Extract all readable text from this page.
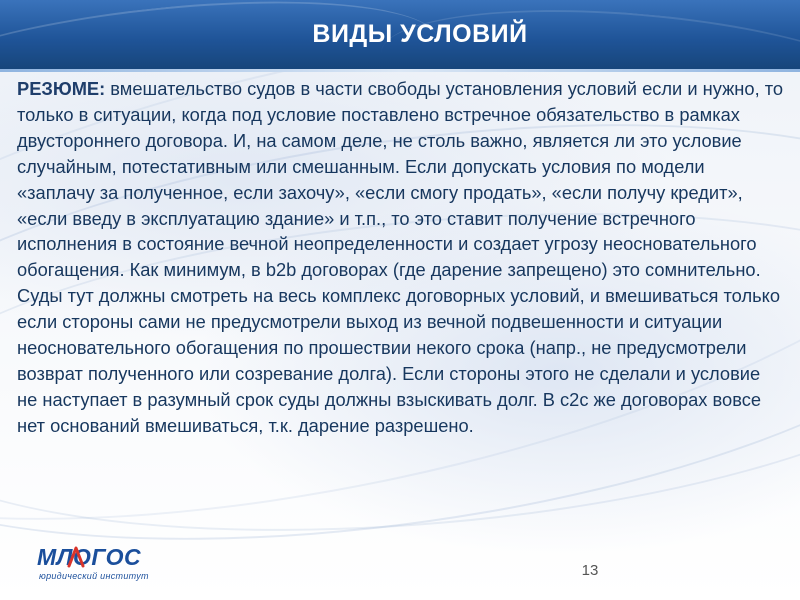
ВИДЫ УСЛОВИЙ

РЕЗЮМЕ: вмешательство судов в части свободы установления условий если и нужно, то только в ситуации, когда под условие поставлено встречное обязательство в рамках двустороннего договора. И, на самом деле, не столь важно, является ли это условие случайным, потестативным или смешанным. Если допускать условия по модели «заплачу за полученное, если захочу», «если смогу продать», «если получу кредит», «если введу в эксплуатацию здание» и т.п., то это ставит получение встречного исполнения в состояние вечной неопределенности и создает угрозу неосновательного обогащения. Как минимум, в b2b договорах (где дарение запрещено) это сомнительно. Суды тут должны смотреть на весь комплекс договорных условий, и вмешиваться только если стороны сами не предусмотрели выход из вечной подвешенности и ситуации неосновательного обогащения по прошествии некого срока (напр., не предусмотрели возврат полученного или созревание долга). Если стороны этого не сделали и условие не наступает в разумный срок суды должны взыскивать долг. В с2с же договорах вовсе нет оснований вмешиваться, т.к. дарение разрешено.

МЛОГОС
юридический институт	13
